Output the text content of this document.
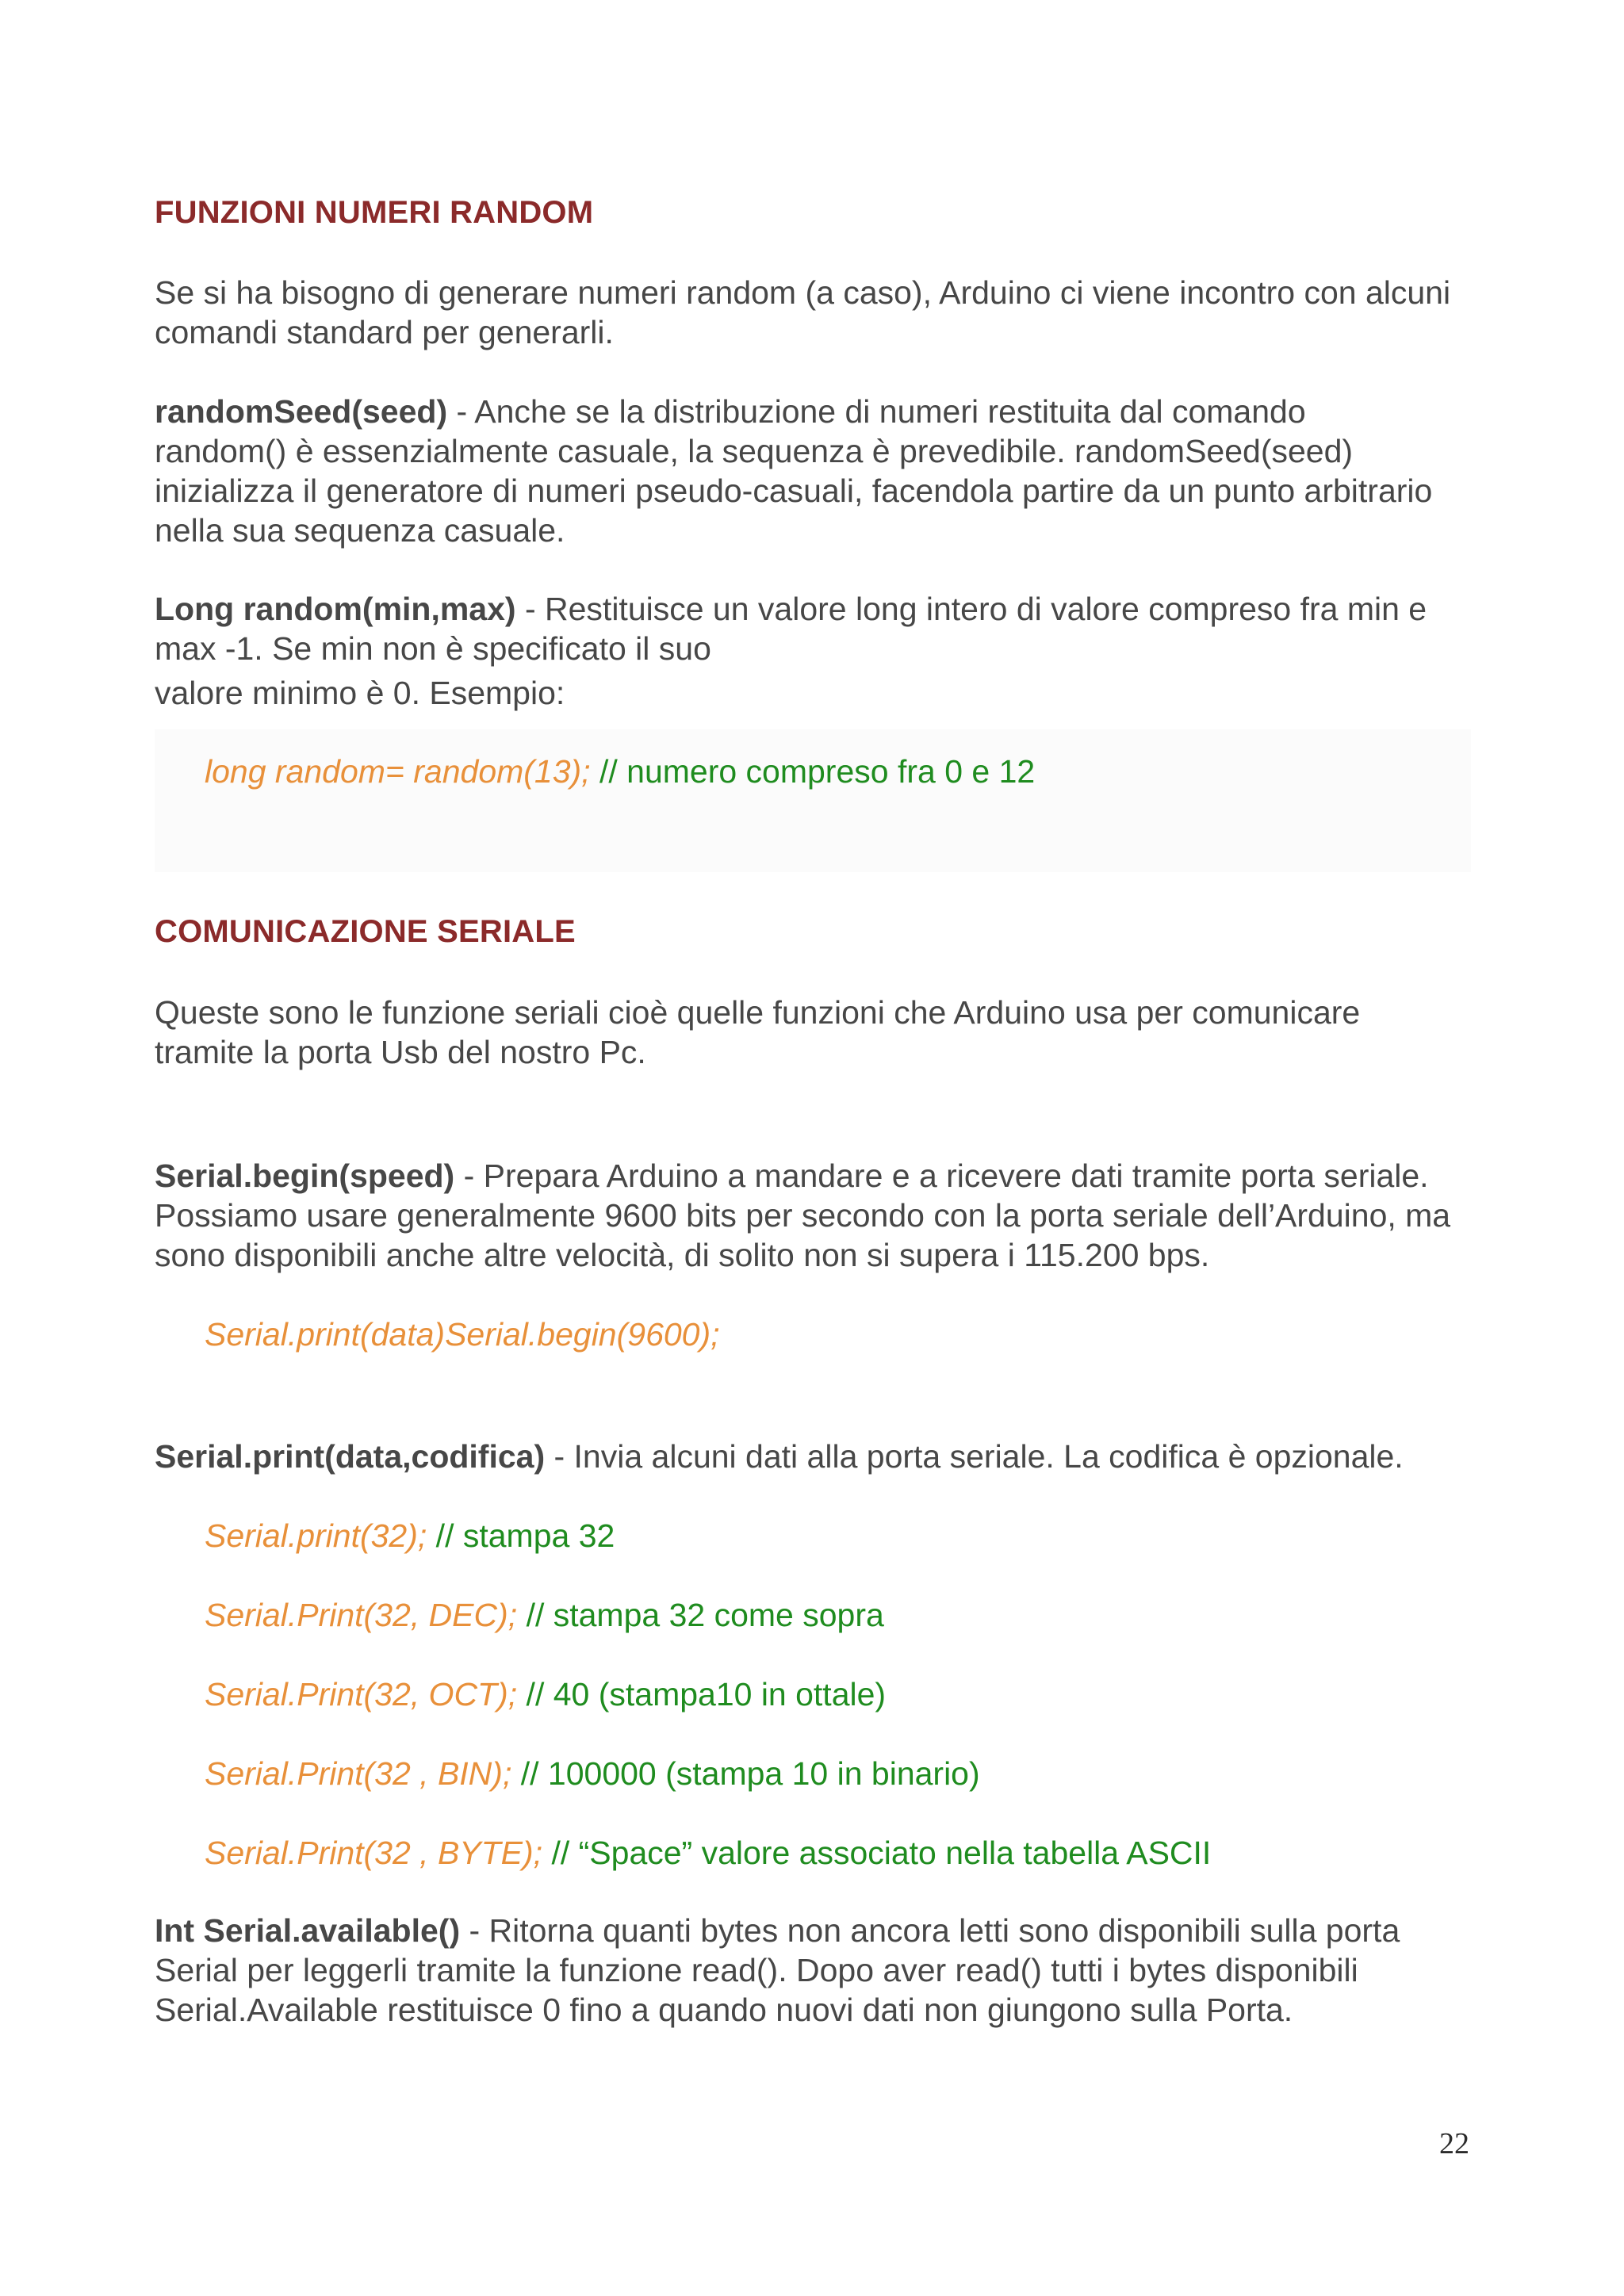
FUNZIONI NUMERI RANDOM

Se si ha bisogno di generare numeri random (a caso), Arduino ci viene incontro con alcuni
comandi standard per generarli.

randomSeed(seed) - Anche se la distribuzione di numeri restituita dal comando
random() è essenzialmente casuale, la sequenza è prevedibile. randomSeed(seed)
inizializza il generatore di numeri pseudo-casuali, facendola partire da un punto arbitrario
nella sua sequenza casuale.

Long random(min,max) - Restituisce un valore long intero di valore compreso fra min e
max -1. Se min non è specificato il suo
valore minimo è 0. Esempio:

long random= random(13); // numero compreso fra 0 e 12

COMUNICAZIONE SERIALE

Queste sono le funzione seriali cioè quelle funzioni che Arduino usa per comunicare
tramite la porta Usb del nostro Pc.

Serial.begin(speed) - Prepara Arduino a mandare e a ricevere dati tramite porta seriale.
Possiamo usare generalmente 9600 bits per secondo con la porta seriale dell’Arduino, ma
sono disponibili anche altre velocità, di solito non si supera i 115.200 bps.

Serial.print(data)Serial.begin(9600);

Serial.print(data,codifica) - Invia alcuni dati alla porta seriale. La codifica è opzionale.

Serial.print(32); // stampa 32

Serial.Print(32, DEC); // stampa 32 come sopra

Serial.Print(32, OCT); // 40 (stampa10 in ottale)

Serial.Print(32 , BIN); // 100000 (stampa 10 in binario)

Serial.Print(32 , BYTE); // “Space” valore associato nella tabella ASCII

Int Serial.available() - Ritorna quanti bytes non ancora letti sono disponibili sulla porta
Serial per leggerli tramite la funzione read(). Dopo aver read() tutti i bytes disponibili
Serial.Available restituisce 0 fino a quando nuovi dati non giungono sulla Porta.

22
